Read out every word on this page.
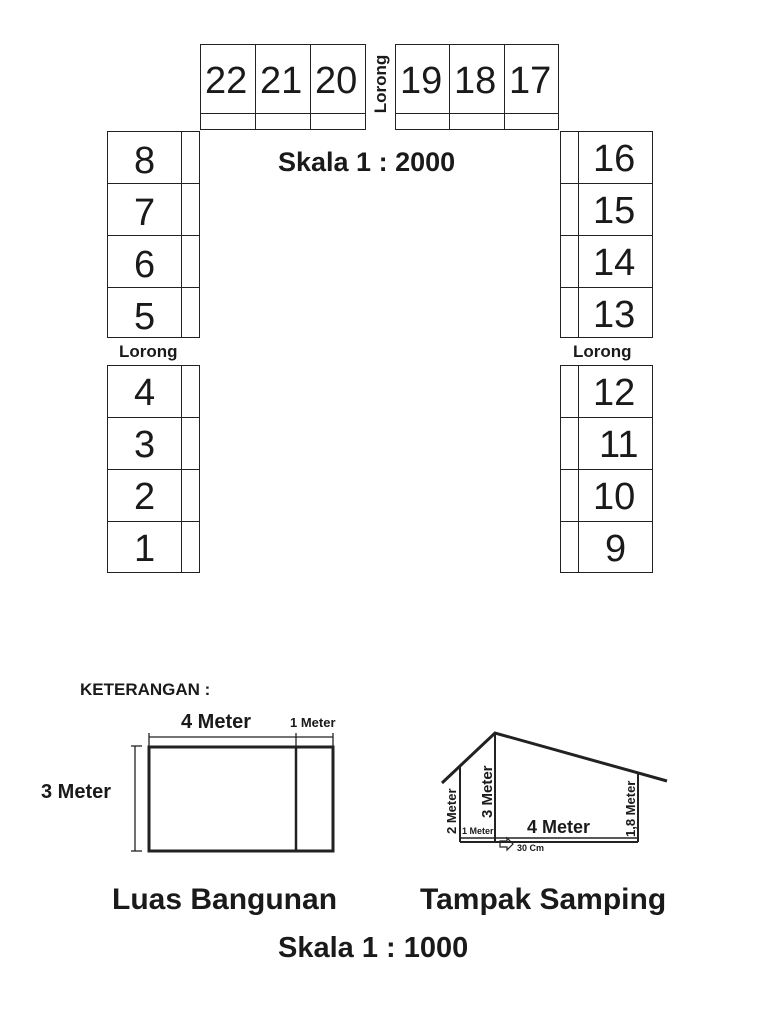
22 21 20 Lorong 19 18 17
Skala 1 : 2000
8
7
6
5
Lorong
4
3
2
1
16
15
14
13
Lorong
12
11
10
9
KETERANGAN :
4 Meter	1 Meter
3 Meter	2 Meter 3 Meter	1,8 Meter
1 Meter 4 Meter
30 Cm
Luas Bangunan	Tampak Samping
Skala 1 : 1000
